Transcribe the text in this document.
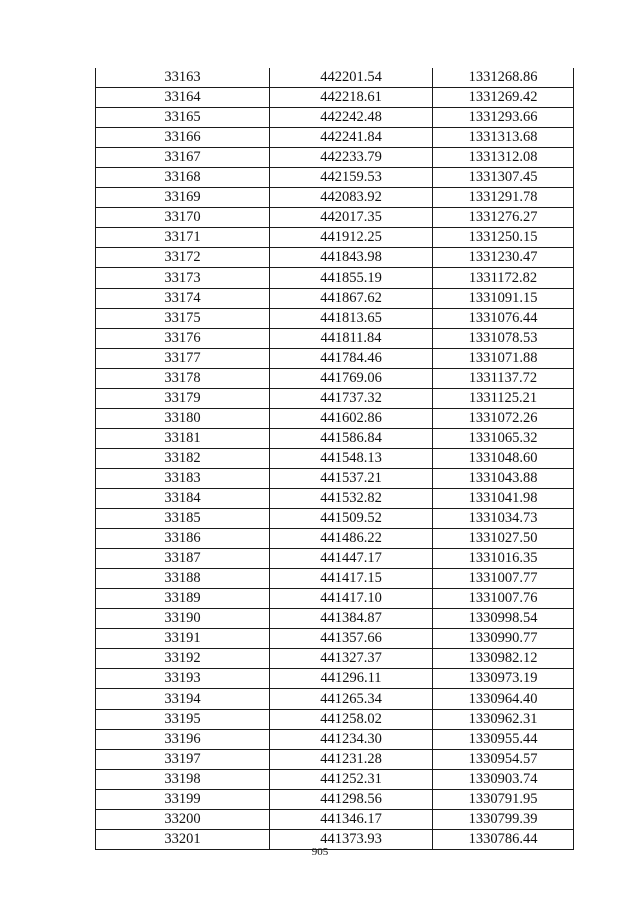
33163	442201.54	1331268.86
33164	442218.61	1331269.42
33165	442242.48	1331293.66
33166	442241.84	1331313.68
33167	442233.79	1331312.08
33168	442159.53	1331307.45
33169	442083.92	1331291.78
33170	442017.35	1331276.27
33171	441912.25	1331250.15
33172	441843.98	1331230.47
33173	441855.19	1331172.82
33174	441867.62	1331091.15
33175	441813.65	1331076.44
33176	441811.84	1331078.53
33177	441784.46	1331071.88
33178	441769.06	1331137.72
33179	441737.32	1331125.21
33180	441602.86	1331072.26
33181	441586.84	1331065.32
33182	441548.13	1331048.60
33183	441537.21	1331043.88
33184	441532.82	1331041.98
33185	441509.52	1331034.73
33186	441486.22	1331027.50
33187	441447.17	1331016.35
33188	441417.15	1331007.77
33189	441417.10	1331007.76
33190	441384.87	1330998.54
33191	441357.66	1330990.77
33192	441327.37	1330982.12
33193	441296.11	1330973.19
33194	441265.34	1330964.40
33195	441258.02	1330962.31
33196	441234.30	1330955.44
33197	441231.28	1330954.57
33198	441252.31	1330903.74
33199	441298.56	1330791.95
33200	441346.17	1330799.39
33201	441373.93	1330786.44
905
